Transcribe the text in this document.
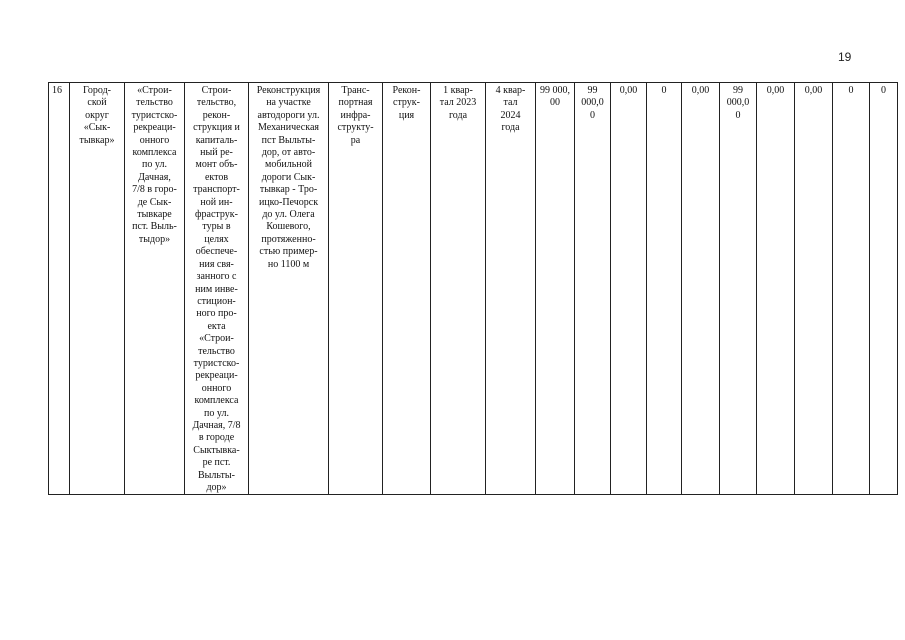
19
16	Город-
ской
округ
«Сык-
тывкар»	«Строи-
тельство
туристско-
рекреаци-
онного
комплекса
по ул.
Дачная,
7/8 в горо-
де Сык-
тывкаре
пст. Выль-
тыдор»	Строи-
тельство,
рекон-
струкция и
капиталь-
ный ре-
монт объ-
ектов
транспорт-
ной ин-
фраструк-
туры в
целях
обеспече-
ния свя-
занного с
ним инве-
стицион-
ного про-
екта
«Строи-
тельство
туристско-
рекреаци-
онного
комплекса
по ул.
Дачная, 7/8
в городе
Сыктывка-
ре пст.
Выльты-
дор»	Реконструкция
на участке
автодороги ул.
Механическая
пст Выльты-
дор, от авто-
мобильной
дороги Сык-
тывкар - Тро-
ицко-Печорск
до ул. Олега
Кошевого,
протяженно-
стью пример-
но 1100 м	Транс-
портная
инфра-
структу-
ра	Рекон-
струк-
ция	1 квар-
тал 2023
года	4 квар-
тал
2024
года	99 000,
00	99
000,0
0	0,00	0	0,00	99
000,0
0	0,00	0,00	0	0
